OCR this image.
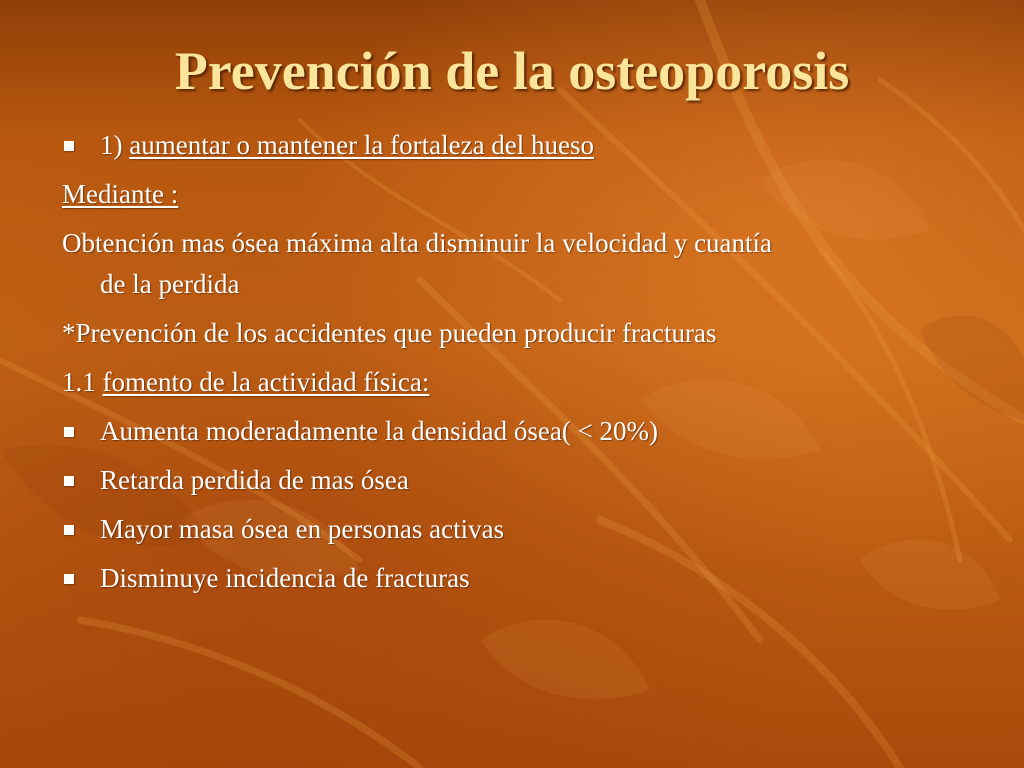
Prevención de la osteoporosis
1) aumentar o mantener la fortaleza del hueso
Mediante :
Obtención mas ósea máxima alta disminuir la velocidad y cuantía
de la perdida
*Prevención de los accidentes que pueden producir fracturas
1.1 fomento de la actividad física:
Aumenta moderadamente la densidad ósea( < 20%)
Retarda perdida de mas ósea
Mayor masa ósea en personas activas
Disminuye incidencia de fracturas
